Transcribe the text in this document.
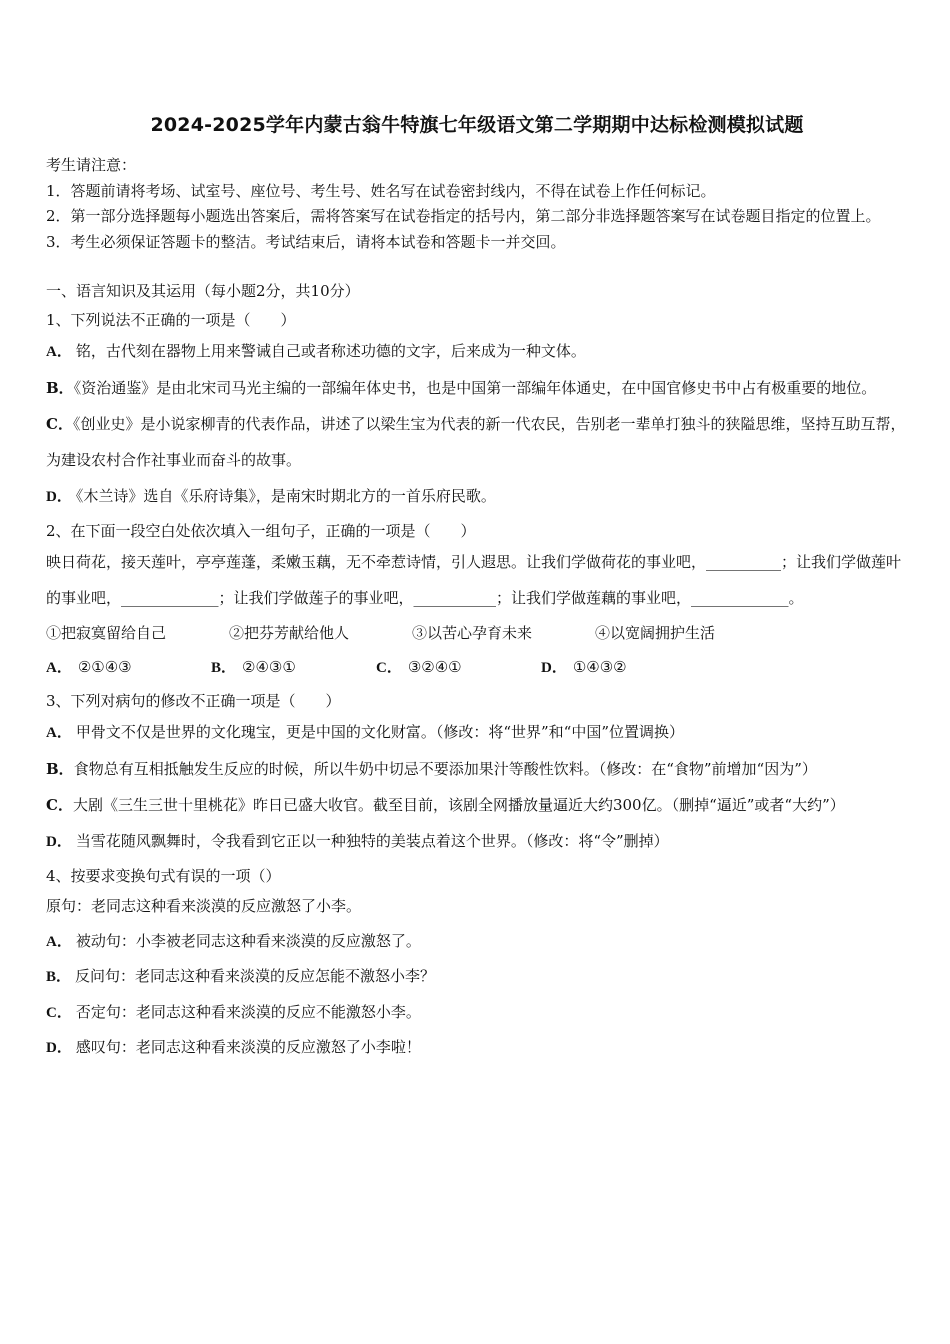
2024-2025学年内蒙古翁牛特旗七年级语文第二学期期中达标检测模拟试题

考生请注意：

1．答题前请将考场、试室号、座位号、考生号、姓名写在试卷密封线内，不得在试卷上作任何标记。

2．第一部分选择题每小题选出答案后，需将答案写在试卷指定的括号内，第二部分非选择题答案写在试卷题目指定的位置上。

3．考生必须保证答题卡的整洁。考试结束后，请将本试卷和答题卡一并交回。

一、语言知识及其运用（每小题2分，共10分）
1、下列说法不正确的一项是（　　）

A． 铭，古代刻在器物上用来警诫自己或者称述功德的文字，后来成为一种文体。

B．《资治通鉴》是由北宋司马光主编的一部编年体史书，也是中国第一部编年体通史，在中国官修史书中占有极重要的地位。

C．《创业史》是小说家柳青的代表作品，讲述了以梁生宝为代表的新一代农民，告别老一辈单打独斗的狭隘思维，坚持互助互帮，为建设农村合作社事业而奋斗的故事。

D． 《木兰诗》选自《乐府诗集》，是南宋时期北方的一首乐府民歌。

2、在下面一段空白处依次填入一组句子，正确的一项是（　　）

映日荷花，接天莲叶，亭亭莲蓬，柔嫩玉藕，无不牵惹诗情，引人遐思。让我们学做荷花的事业吧，__________；让我们学做莲叶的事业吧，_____________；让我们学做莲子的事业吧，___________；让我们学做莲藕的事业吧，_____________。

①把寂寞留给自己	②把芬芳献给他人	③以苦心孕育未来	④以宽阔拥护生活
A． ②①④③	B． ②④③①	C． ③②④①	D． ①④③②
3、下列对病句的修改不正确一项是（　　）

A． 甲骨文不仅是世界的文化瑰宝，更是中国的文化财富。（修改：将“世界”和“中国”位置调换）

B．食物总有互相抵触发生反应的时候，所以牛奶中切忌不要添加果汁等酸性饮料。（修改：在“食物”前增加“因为”）

C．大剧《三生三世十里桃花》昨日已盛大收官。截至目前，该剧全网播放量逼近大约300亿。（删掉“逼近”或者“大约”）

D． 当雪花随风飘舞时，令我看到它正以一种独特的美装点着这个世界。（修改：将“令”删掉）

4、按要求变换句式有误的一项（）

原句：老同志这种看来淡漠的反应激怒了小李。

A． 被动句：小李被老同志这种看来淡漠的反应激怒了。

B． 反问句：老同志这种看来淡漠的反应怎能不激怒小李？

C． 否定句：老同志这种看来淡漠的反应不能激怒小李。

D． 感叹句：老同志这种看来淡漠的反应激怒了小李啦！
